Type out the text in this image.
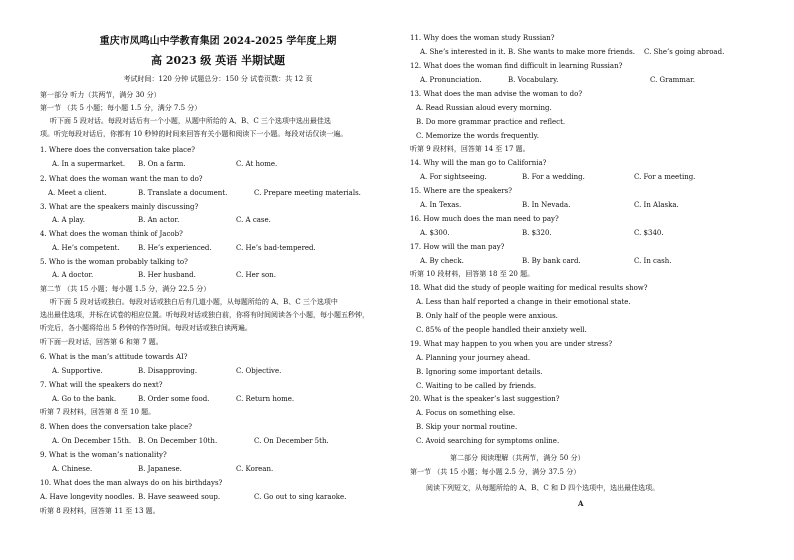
重庆市凤鸣山中学教育集团 2024-2025 学年度上期
高 2023 级 英语 半期试题
考试时间：120 分钟 试题总分：150 分 试卷页数：共 12 页
第一部分 听力（共两节，满分 30 分）
第一节 （共 5 小题；每小题 1.5 分，满分 7.5 分）
听下面 5 段对话。每段对话后有一个小题，从题中所给的 A、B、C 三个选项中选出最佳选
项。听完每段对话后，你都有 10 秒钟的时间来回答有关小题和阅读下一小题。每段对话仅读一遍。
1. Where does the conversation take place?
A. In a supermarket. B. On a farm.	C. At home.
2. What does the woman want the man to do?
A. Meet a client.	B. Translate a document.	C. Prepare meeting materials.
3. What are the speakers mainly discussing?
A. A play.	B. An actor.	C. A case.
4. What does the woman think of Jacob?
A. He’s competent.	B. He’s experienced.	C. He’s bad-tempered.
5. Who is the woman probably talking to?
A. A doctor.	B. Her husband.	C. Her son.
第二节 （共 15 小题；每小题 1.5 分，满分 22.5 分）
听下面 5 段对话或独白。每段对话或独白后有几道小题，从每题所给的 A、B、C 三个选项中
选出最佳选项，并标在试卷的相应位置。听每段对话或独白前，你将有时间阅读各个小题，每小题五秒钟，
听完后，各小题将给出 5 秒钟的作答时间。每段对话或独白读两遍。
听下面一段对话，回答第 6 和第 7 题。
6. What is the man’s attitude towards AI?
A. Supportive.	B. Disapproving.	C. Objective.
7. What will the speakers do next?
A. Go to the bank.	B. Order some food.	C. Return home.
听第 7 段材料，回答第 8 至 10 题。
8. When does the conversation take place?
A. On December 15th. B. On December 10th.	C. On December 5th.
9. What is the woman’s nationality?
A. Chinese.	B. Japanese.	C. Korean.
10. What does the man always do on his birthdays?
A. Have longevity noodles. B. Have seaweed soup.	C. Go out to sing karaoke.
听第 8 段材料，回答第 11 至 13 题。
11. Why does the woman study Russian?
A. She’s interested in it. B. She wants to make more friends. C. She’s going abroad.
12. What does the woman find difficult in learning Russian?
A. Pronunciation.	B. Vocabulary.	C. Grammar.
13. What does the man advise the woman to do?
A. Read Russian aloud every morning.
B. Do more grammar practice and reflect.
C. Memorize the words frequently.
听第 9 段材料，回答第 14 至 17 题。
14. Why will the man go to California?
A. For sightseeing.	B. For a wedding.	C. For a meeting.
15. Where are the speakers?
A. In Texas.	B. In Nevada.	C. In Alaska.
16. How much does the man need to pay?
A. $300.	B. $320.	C. $340.
17. How will the man pay?
A. By check.	B. By bank card.	C. In cash.
听第 10 段材料，回答第 18 至 20 题。
18. What did the study of people waiting for medical results show?
A. Less than half reported a change in their emotional state.
B. Only half of the people were anxious.
C. 85% of the people handled their anxiety well.
19. What may happen to you when you are under stress?
A. Planning your journey ahead.
B. Ignoring some important details.
C. Waiting to be called by friends.
20. What is the speaker’s last suggestion?
A. Focus on something else.
B. Skip your normal routine.
C. Avoid searching for symptoms online.
第二部分 阅读理解（共两节，满分 50 分）
第一节 （共 15 小题；每小题 2.5 分，满分 37.5 分）
阅读下列短文，从每题所给的 A、B、C 和 D 四个选项中，选出最佳选项。
A
